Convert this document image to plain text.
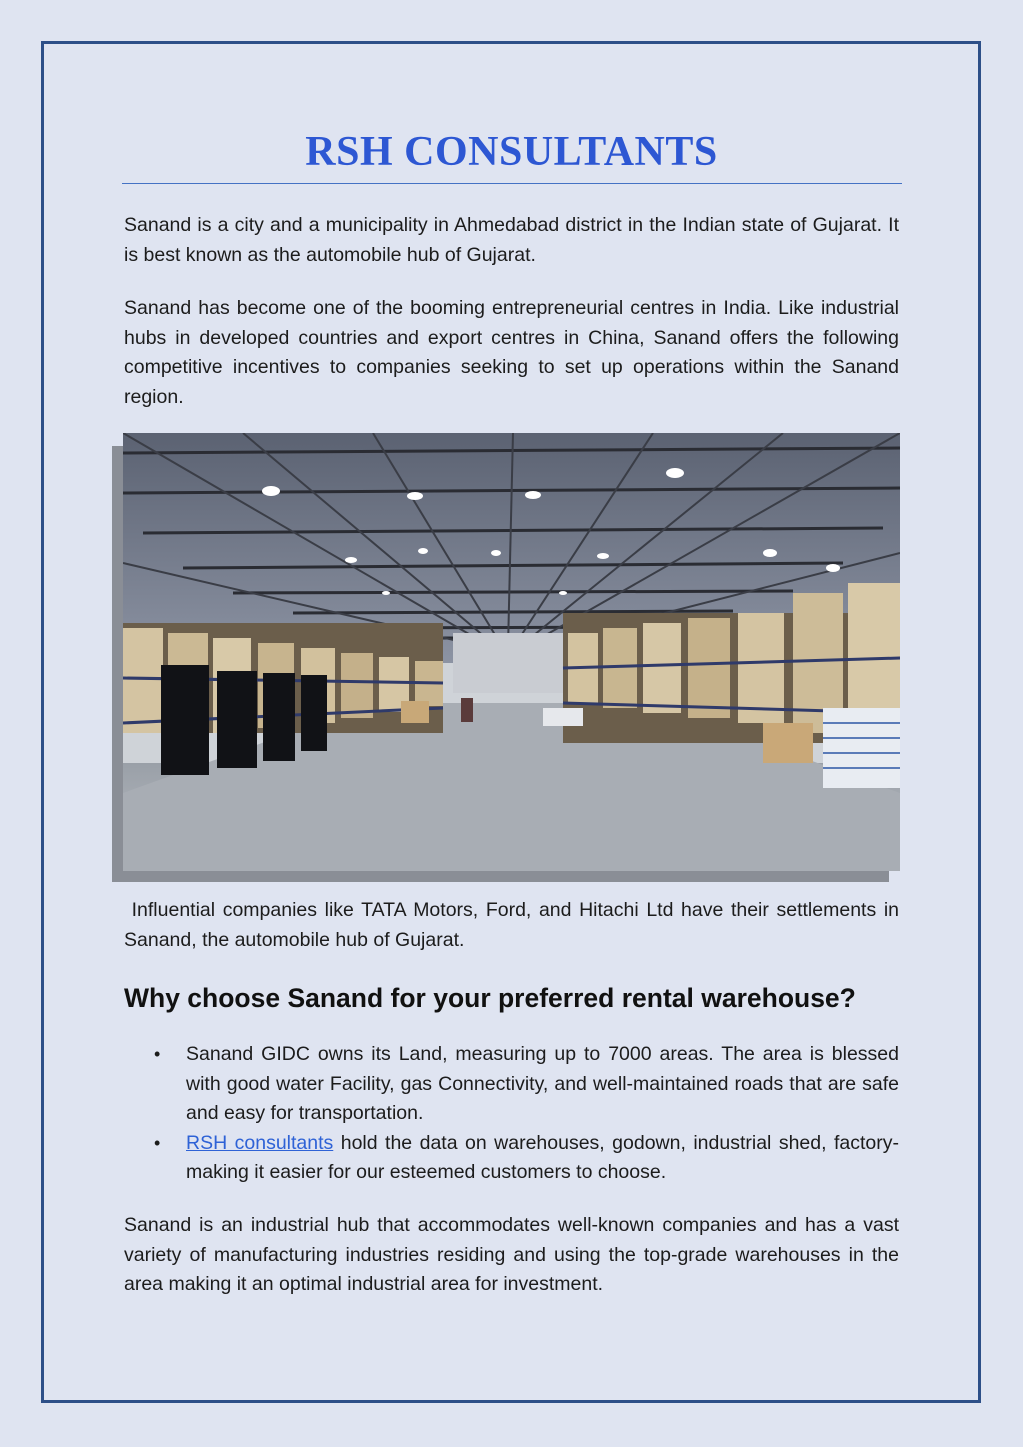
RSH CONSULTANTS

Sanand is a city and a municipality in Ahmedabad district in the Indian state of Gujarat. It is best known as the automobile hub of Gujarat.

Sanand has become one of the booming entrepreneurial centres in India. Like industrial hubs in developed countries and export centres in China, Sanand offers the following competitive incentives to companies seeking to set up operations within the Sanand region.

Influential companies like TATA Motors, Ford, and Hitachi Ltd have their settlements in Sanand, the automobile hub of Gujarat.

Why choose Sanand for your preferred rental warehouse?
• Sanand GIDC owns its Land, measuring up to 7000 areas. The area is blessed with good water Facility, gas Connectivity, and well-maintained roads that are safe and easy for transportation.
• RSH consultants hold the data on warehouses, godown, industrial shed, factory-making it easier for our esteemed customers to choose.

Sanand is an industrial hub that accommodates well-known companies and has a vast variety of manufacturing industries residing and using the top-grade warehouses in the area making it an optimal industrial area for investment.
